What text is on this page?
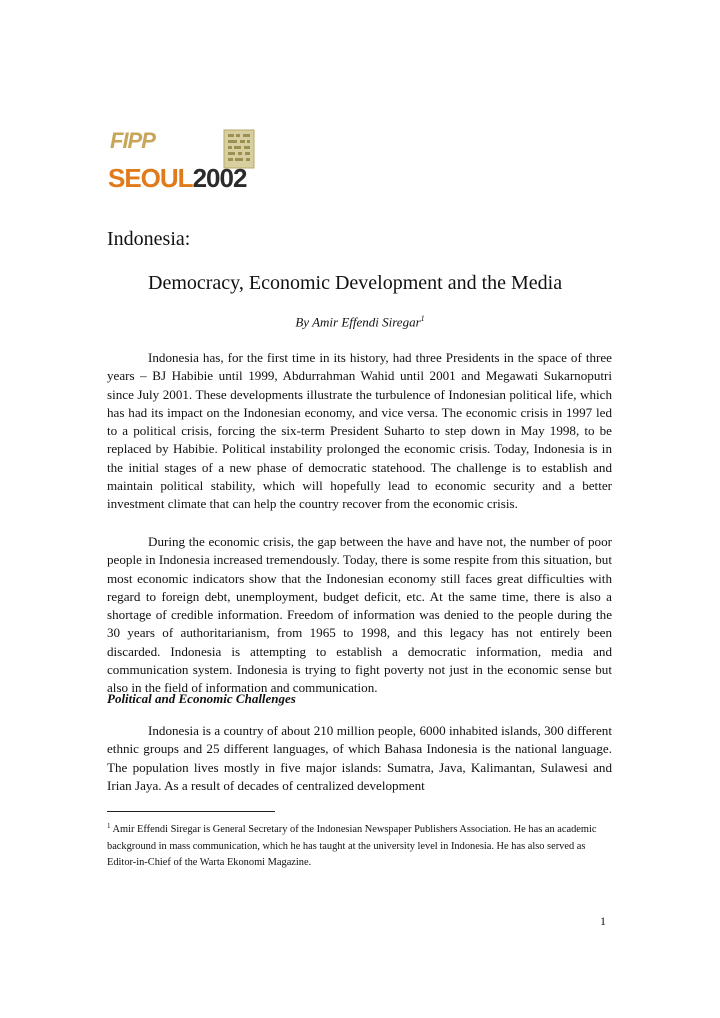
FIPP
SEOUL2002
Indonesia:
Democracy, Economic Development and the Media
By Amir Effendi Siregar$^1$

Indonesia has, for the first time in its history, had three Presidents in the space of three years – BJ Habibie until 1999, Abdurrahman Wahid until 2001 and Megawati Sukarnoputri since July 2001. These developments illustrate the turbulence of Indonesian political life, which has had its impact on the Indonesian economy, and vice versa. The economic crisis in 1997 led to a political crisis, forcing the six-term President Suharto to step down in May 1998, to be replaced by Habibie. Political instability prolonged the economic crisis. Today, Indonesia is in the initial stages of a new phase of democratic statehood. The challenge is to establish and maintain political stability, which will hopefully lead to economic security and a better investment climate that can help the country recover from the economic crisis.

During the economic crisis, the gap between the have and have not, the number of poor people in Indonesia increased tremendously. Today, there is some respite from this situation, but most economic indicators show that the Indonesian economy still faces great difficulties with regard to foreign debt, unemployment, budget deficit, etc. At the same time, there is also a shortage of credible information. Freedom of information was denied to the people during the 30 years of authoritarianism, from 1965 to 1998, and this legacy has not entirely been discarded. Indonesia is attempting to establish a democratic information, media and communication system. Indonesia is trying to fight poverty not just in the economic sense but also in the field of information and communication.

Political and Economic Challenges

Indonesia is a country of about 210 million people, 6000 inhabited islands, 300 different ethnic groups and 25 different languages, of which Bahasa Indonesia is the national language. The population lives mostly in five major islands: Sumatra, Java, Kalimantan, Sulawesi and Irian Jaya. As a result of decades of centralized development

$^1$ Amir Effendi Siregar is General Secretary of the Indonesian Newspaper Publishers Association. He has an academic background in mass communication, which he has taught at the university level in Indonesia. He has also served as Editor-in-Chief of the Warta Ekonomi Magazine.

1
